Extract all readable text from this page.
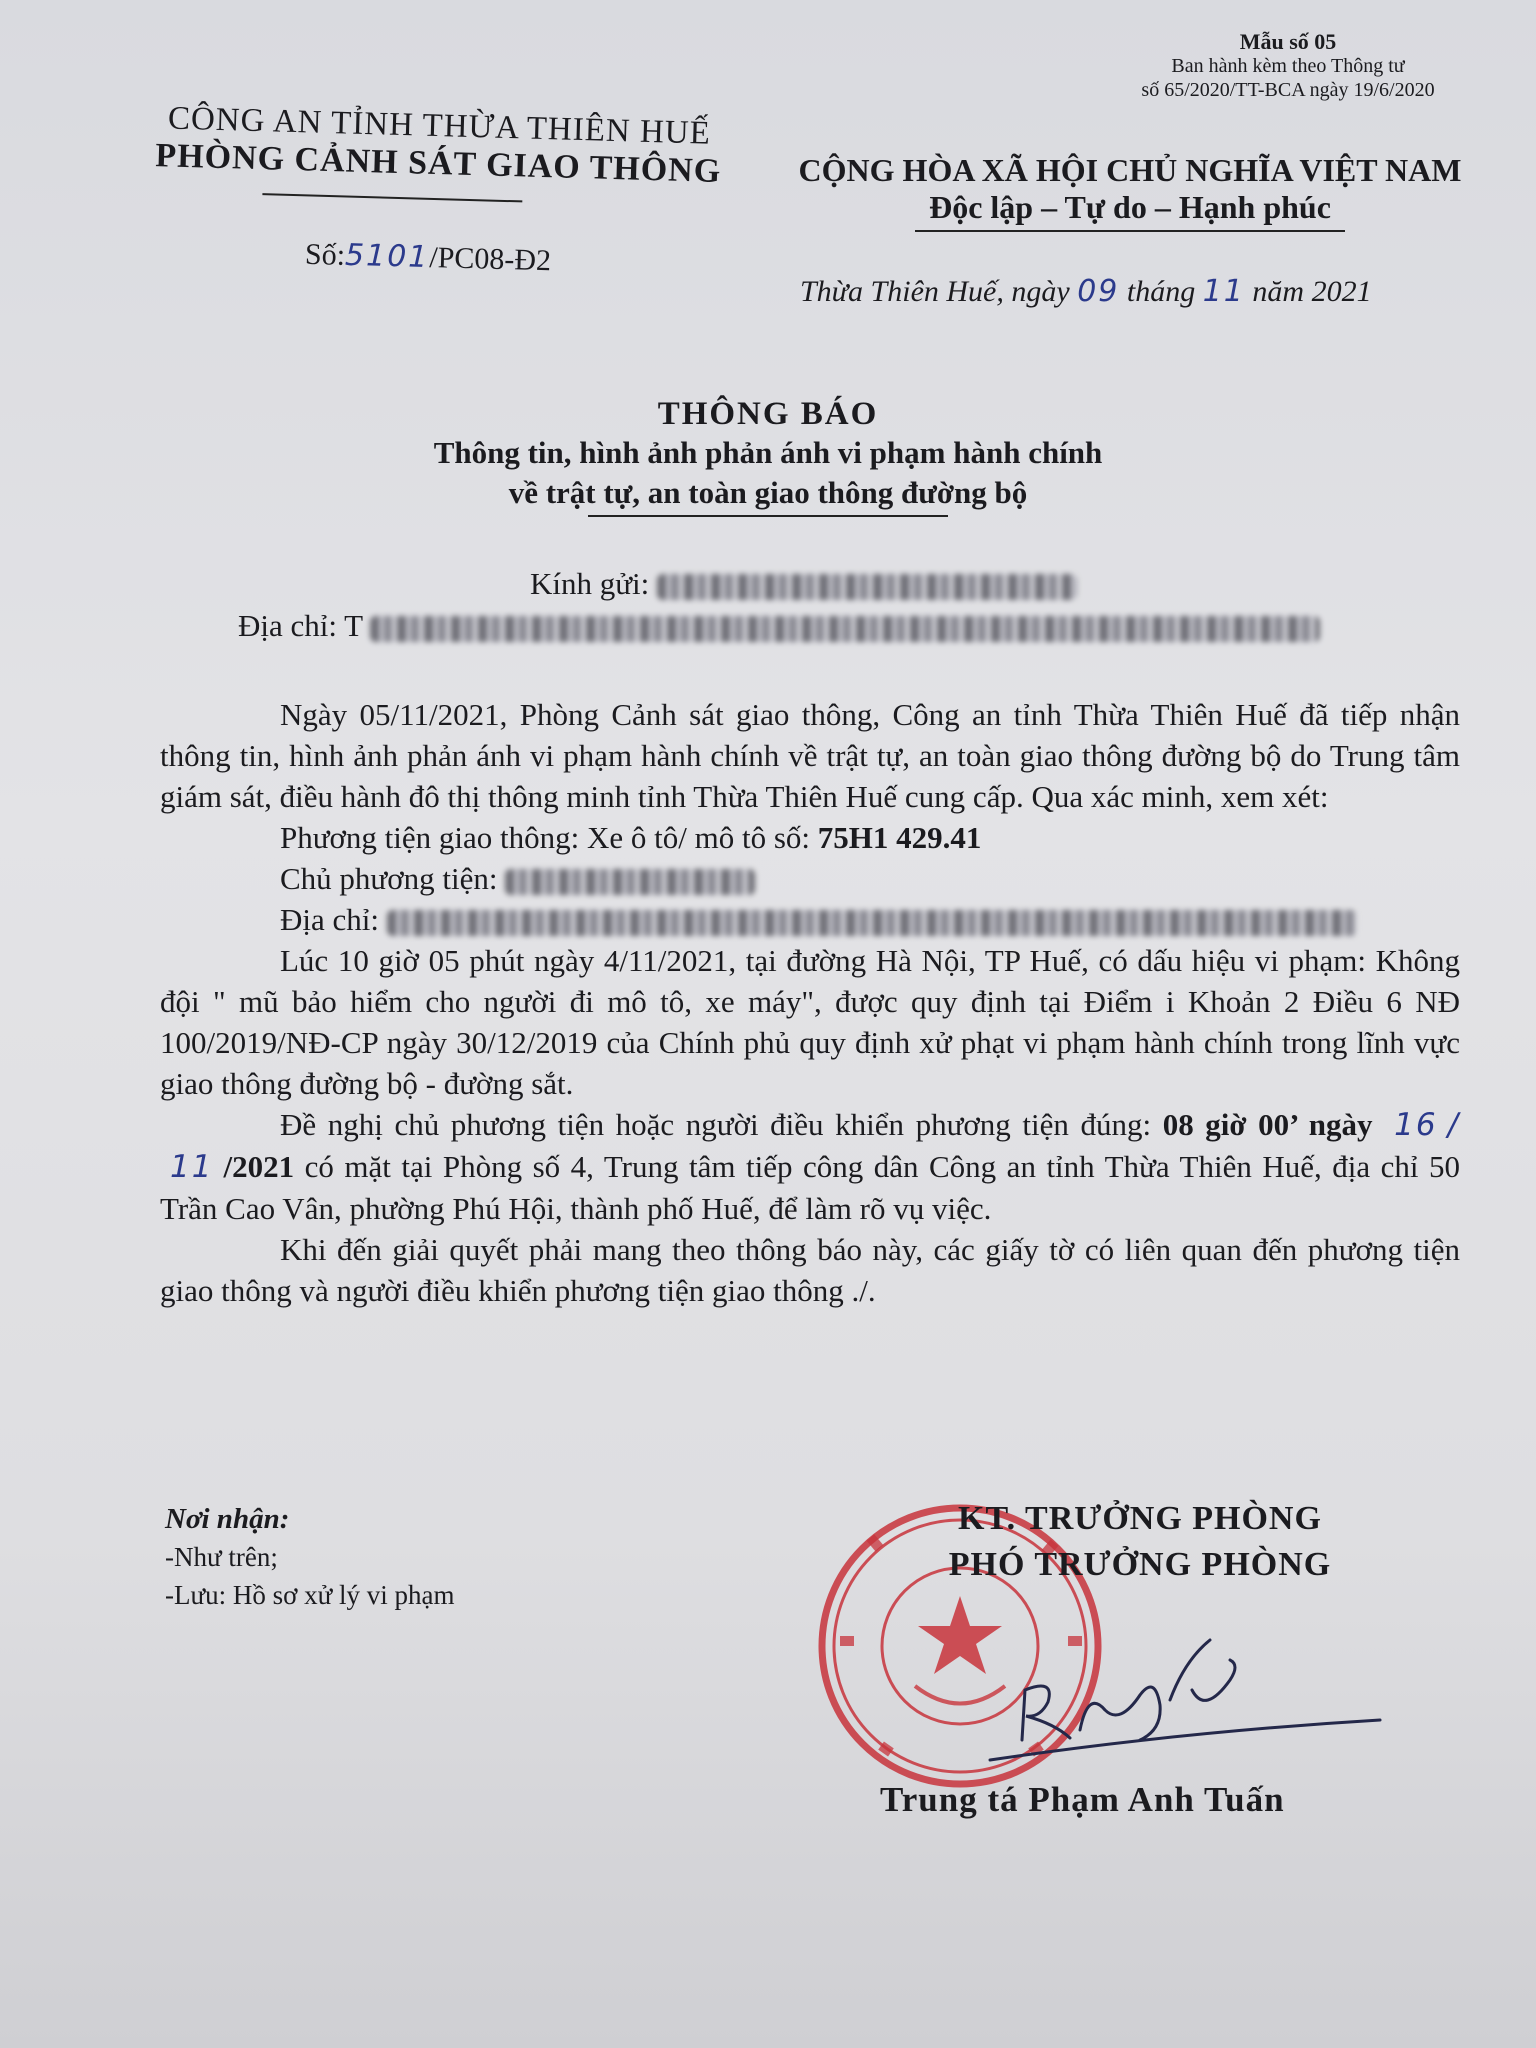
Mẫu số 05
Ban hành kèm theo Thông tư
số 65/2020/TT-BCA ngày 19/6/2020
CÔNG AN TỈNH THỪA THIÊN HUẾ
PHÒNG CẢNH SÁT GIAO THÔNG
Số:5101/PC08-Đ2
CỘNG HÒA XÃ HỘI CHỦ NGHĨA VIỆT NAM
Độc lập – Tự do – Hạnh phúc
Thừa Thiên Huế, ngày 09 tháng 11 năm 2021
THÔNG BÁO
Thông tin, hình ảnh phản ánh vi phạm hành chính
về trật tự, an toàn giao thông đường bộ
Kính gửi:
Địa chỉ: T

Ngày 05/11/2021, Phòng Cảnh sát giao thông, Công an tỉnh Thừa Thiên Huế đã tiếp nhận thông tin, hình ảnh phản ánh vi phạm hành chính về trật tự, an toàn giao thông đường bộ do Trung tâm giám sát, điều hành đô thị thông minh tỉnh Thừa Thiên Huế cung cấp. Qua xác minh, xem xét:

Phương tiện giao thông: Xe ô tô/ mô tô số: 75H1 429.41

Chủ phương tiện:

Địa chỉ:

Lúc 10 giờ 05 phút ngày 4/11/2021, tại đường Hà Nội, TP Huế, có dấu hiệu vi phạm: Không đội " mũ bảo hiểm cho người đi mô tô, xe máy", được quy định tại Điểm i Khoản 2 Điều 6 NĐ 100/2019/NĐ-CP ngày 30/12/2019 của Chính phủ quy định xử phạt vi phạm hành chính trong lĩnh vực giao thông đường bộ - đường sắt.

Đề nghị chủ phương tiện hoặc người điều khiển phương tiện đúng: 08 giờ 00’ ngày 16 / 11 /2021 có mặt tại Phòng số 4, Trung tâm tiếp công dân Công an tỉnh Thừa Thiên Huế, địa chỉ 50 Trần Cao Vân, phường Phú Hội, thành phố Huế, để làm rõ vụ việc.

Khi đến giải quyết phải mang theo thông báo này, các giấy tờ có liên quan đến phương tiện giao thông và người điều khiển phương tiện giao thông ./.

Nơi nhận:
-Như trên;
-Lưu: Hồ sơ xử lý vi phạm
KT. TRƯỞNG PHÒNG
PHÓ TRƯỞNG PHÒNG
Trung tá Phạm Anh Tuấn
